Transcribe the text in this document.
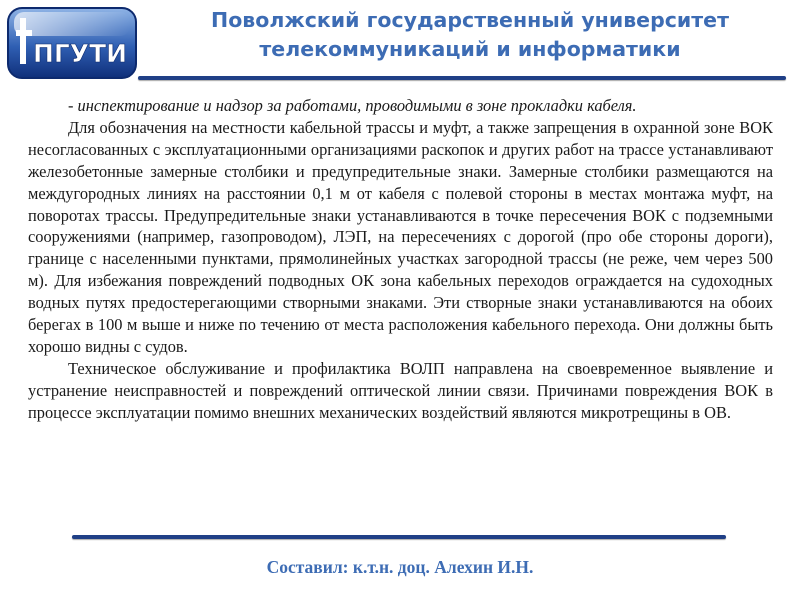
ПГУТИ
Поволжский государственный университет
телекоммуникаций и информатики

- инспектирование и надзор за работами, проводимыми в зоне прокладки кабеля.

Для обозначения на местности кабельной трассы и муфт, а также запрещения в охранной зоне ВОК несогласованных с эксплуатационными организациями раскопок и других работ на трассе устанавливают железобетонные замерные столбики и предупредительные знаки. Замерные столбики размещаются на междугородных линиях на расстоянии 0,1 м от кабеля с полевой стороны в местах монтажа муфт, на поворотах трассы. Предупредительные знаки устанавливаются в точке пересечения ВОК с подземными сооружениями (например, газопроводом), ЛЭП, на пересечениях с дорогой (про обе стороны дороги), границе с населенными пунктами, прямолинейных участках загородной трассы (не реже, чем через 500 м). Для избежания повреждений подводных ОК зона кабельных переходов ограждается на судоходных водных путях предостерегающими створными знаками. Эти створные знаки устанавливаются на обоих берегах в 100 м выше и ниже по течению от места расположения кабельного перехода. Они должны быть хорошо видны с судов.

Техническое обслуживание и профилактика ВОЛП направлена на своевременное выявление и устранение неисправностей и повреждений оптической линии связи. Причинами повреждения ВОК в процессе эксплуатации помимо внешних механических воздействий являются микротрещины в ОВ.

Составил: к.т.н. доц. Алехин И.Н.
